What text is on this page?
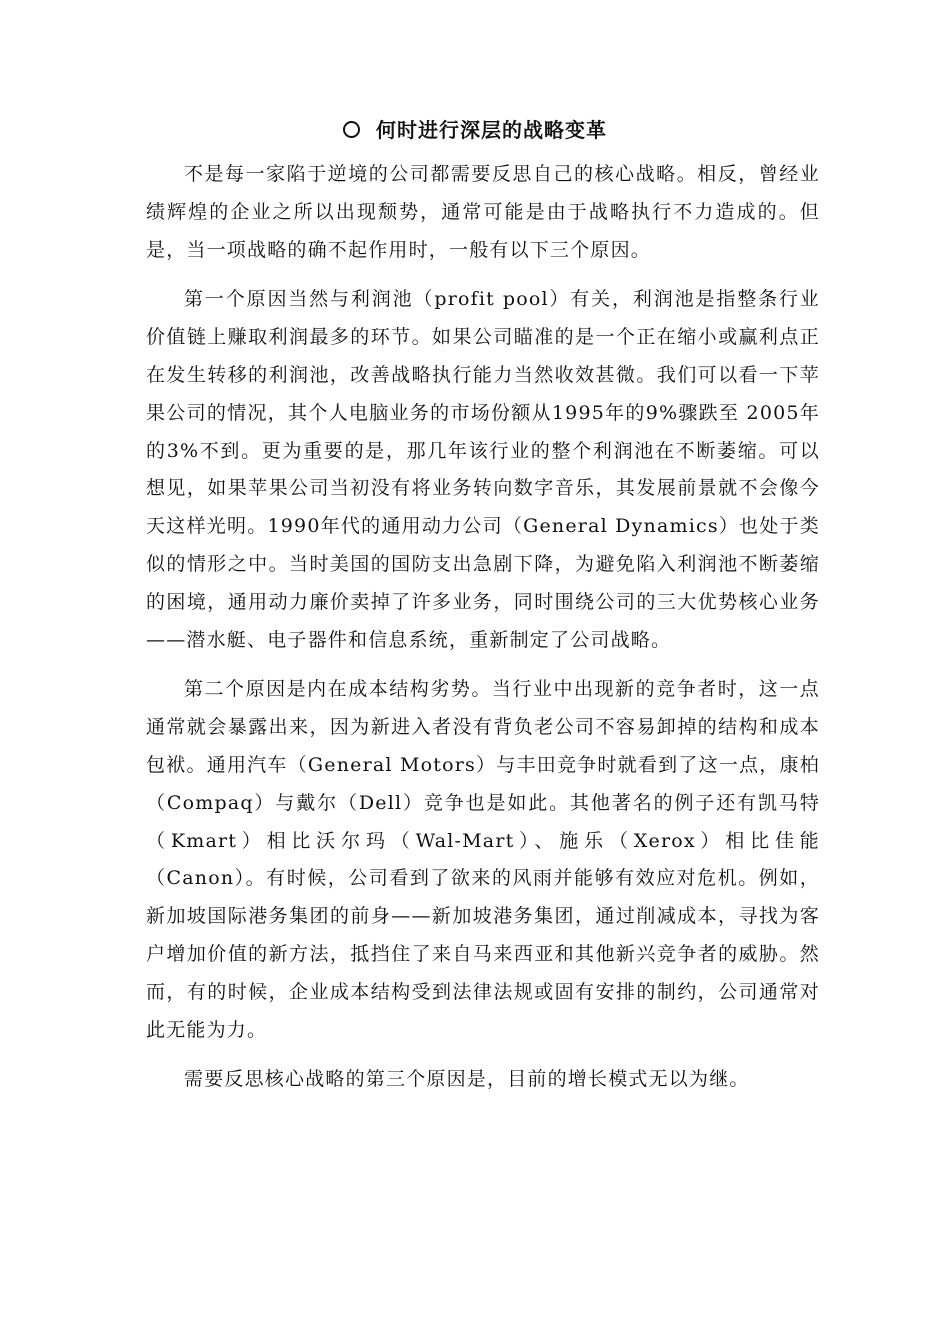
何时进行深层的战略变革

不是每一家陷于逆境的公司都需要反思自己的核心战略。相反，曾经业绩辉煌的企业之所以出现颓势，通常可能是由于战略执行不力造成的。但是，当一项战略的确不起作用时，一般有以下三个原因。

第一个原因当然与利润池（profit pool）有关，利润池是指整条行业价值链上赚取利润最多的环节。如果公司瞄准的是一个正在缩小或赢利点正在发生转移的利润池，改善战略执行能力当然收效甚微。我们可以看一下苹果公司的情况，其个人电脑业务的市场份额从1995年的9%骤跌至 2005年的3%不到。更为重要的是，那几年该行业的整个利润池在不断萎缩。可以想见，如果苹果公司当初没有将业务转向数字音乐，其发展前景就不会像今天这样光明。1990年代的通用动力公司（General Dynamics）也处于类似的情形之中。当时美国的国防支出急剧下降，为避免陷入利润池不断萎缩的困境，通用动力廉价卖掉了许多业务，同时围绕公司的三大优势核心业务——潜水艇、电子器件和信息系统，重新制定了公司战略。

第二个原因是内在成本结构劣势。当行业中出现新的竞争者时，这一点通常就会暴露出来，因为新进入者没有背负老公司不容易卸掉的结构和成本包袱。通用汽车（General Motors）与丰田竞争时就看到了这一点，康柏（Compaq）与戴尔（Dell）竞争也是如此。其他著名的例子还有凯马特（Kmart）相比沃尔玛（Wal-Mart）、施乐（Xerox）相比佳能（Canon）。有时候，公司看到了欲来的风雨并能够有效应对危机。例如，新加坡国际港务集团的前身——新加坡港务集团，通过削减成本，寻找为客户增加价值的新方法，抵挡住了来自马来西亚和其他新兴竞争者的威胁。然而，有的时候，企业成本结构受到法律法规或固有安排的制约，公司通常对此无能为力。

需要反思核心战略的第三个原因是，目前的增长模式无以为继。
